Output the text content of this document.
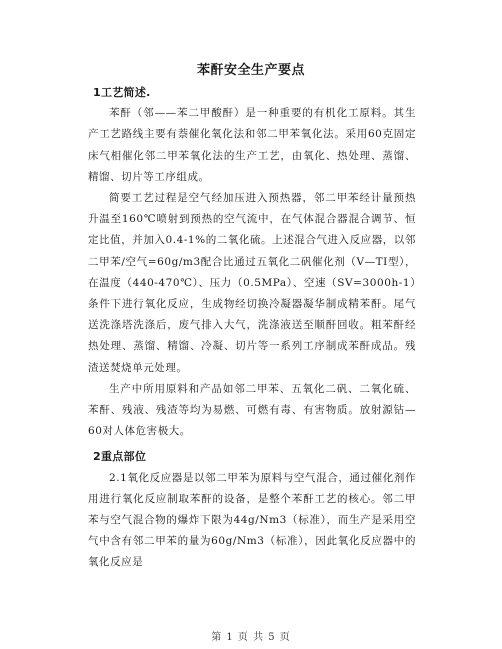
苯酐安全生产要点
1工艺简述.

苯酐（邻——苯二甲酸酐）是一种重要的有机化工原料。其生产工艺路线主要有萘催化氧化法和邻二甲苯氧化法。采用60克固定床气相催化邻二甲苯氧化法的生产工艺，由氧化、热处理、蒸馏、精馏、切片等工序组成。

简要工艺过程是空气经加压进入预热器，邻二甲苯经计量预热升温至160℃喷射到预热的空气流中，在气体混合器混合调节、恒定比值，并加入0.4-1%的二氧化硫。上述混合气进入反应器，以邻二甲苯/空气=60g/m3配合比通过五氧化二矾催化剂（V—TI型），在温度（440-470℃）、压力（0.5MPa）、空速（SV=3000h-1）条件下进行氧化反应，生成物经切换冷凝器凝华制成精苯酐。尾气送洗涤塔洗涤后，废气排入大气，洗涤液送至顺酐回收。粗苯酐经热处理、蒸馏、精馏、冷凝、切片等一系列工序制成苯酐成品。残渣送焚烧单元处理。

生产中所用原料和产品如邻二甲苯、五氧化二矾、二氧化硫、苯酐、残液、残渣等均为易燃、可燃有毒、有害物质。放射源钴—60对人体危害极大。

2重点部位

2.1氧化反应器是以邻二甲苯为原料与空气混合，通过催化剂作用进行氧化反应制取苯酐的设备，是整个苯酐工艺的核心。邻二甲苯与空气混合物的爆炸下限为44g/Nm3（标准），而生产是采用空气中含有邻二甲苯的量为60g/Nm3（标准），因此氧化反应器中的氧化反应是

第 1 页 共 5 页
